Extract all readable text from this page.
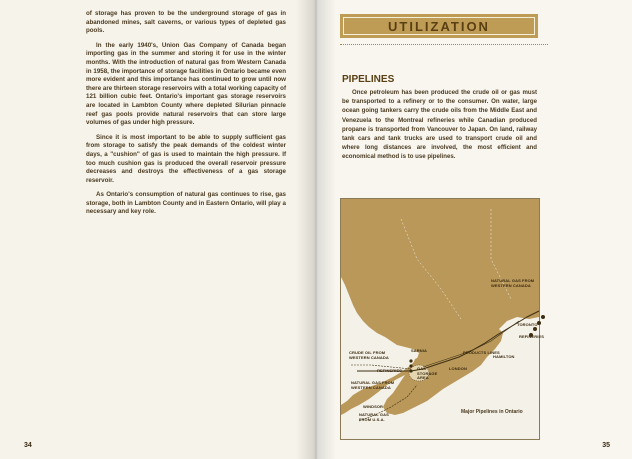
of storage has proven to be the underground storage of gas in abandoned mines, salt caverns, or various types of depleted gas pools.

In the early 1940's, Union Gas Company of Canada began importing gas in the summer and storing it for use in the winter months. With the introduction of natural gas from Western Canada in 1958, the importance of storage facilities in Ontario became even more evident and this importance has continued to grow until now there are thirteen storage reservoirs with a total working capacity of 121 billion cubic feet. Ontario's important gas storage reservoirs are located in Lambton County where depleted Silurian pinnacle reef gas pools provide natural reservoirs that can store large volumes of gas under high pressure.

Since it is most important to be able to supply sufficient gas from storage to satisfy the peak demands of the coldest winter days, a "cushion" of gas is used to maintain the high pressure. If too much cushion gas is produced the overall reservoir pressure decreases and destroys the effectiveness of a gas storage reservoir.

As Ontario's consumption of natural gas continues to rise, gas storage, both in Lambton County and in Eastern Ontario, will play a necessary and key role.

34	35
UTILIZATION
PIPELINES

Once petroleum has been produced the crude oil or gas must be transported to a refinery or to the consumer. On water, large ocean going tankers carry the crude oils from the Middle East and Venezuela to the Montreal refineries while Canadian produced propane is transported from Vancouver to Japan. On land, railway tank cars and tank trucks are used to transport crude oil and where long distances are involved, the most efficient and economical method is to use pipelines.

NATURAL GAS FROM WESTERN CANADA
TORONTO
REFINERIES
SARNIA
CRUDE OIL FROM WESTERN CANADA
REFINERIES	GAS STORAGE AREA
PRODUCTS LINES
HAMILTON
LONDON
NATURAL GAS FROM WESTERN CANADA
WINDSOR
NATURAL GAS FROM U.S.A.
Major Pipelines in Ontario
